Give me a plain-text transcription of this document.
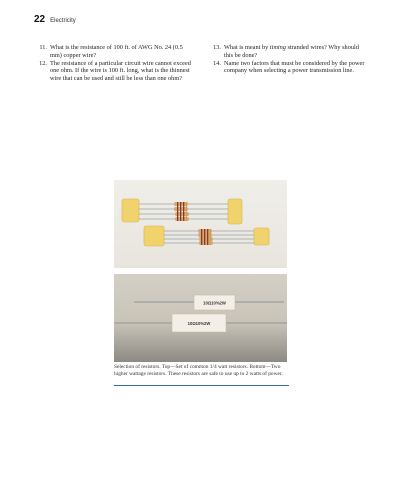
22 Electricity
11. What is the resistance of 100 ft. of AWG No. 24 (0.5 mm) copper wire?
12. The resistance of a particular circuit wire cannot exceed one ohm. If the wire is 100 ft. long, what is the thinnest wire that can be used and still be less than one ohm?
13. What is meant by timing stranded wires? Why should this be done?
14. Name two factors that must be considered by the power company when selecting a power transmission line.
10Ω10%2W
10Ω10%2W
Selection of resistors. Top—Set of common 1/4 watt resistors. Bottom—Two higher wattage resistors. These resistors are safe to use up to 2 watts of power.
